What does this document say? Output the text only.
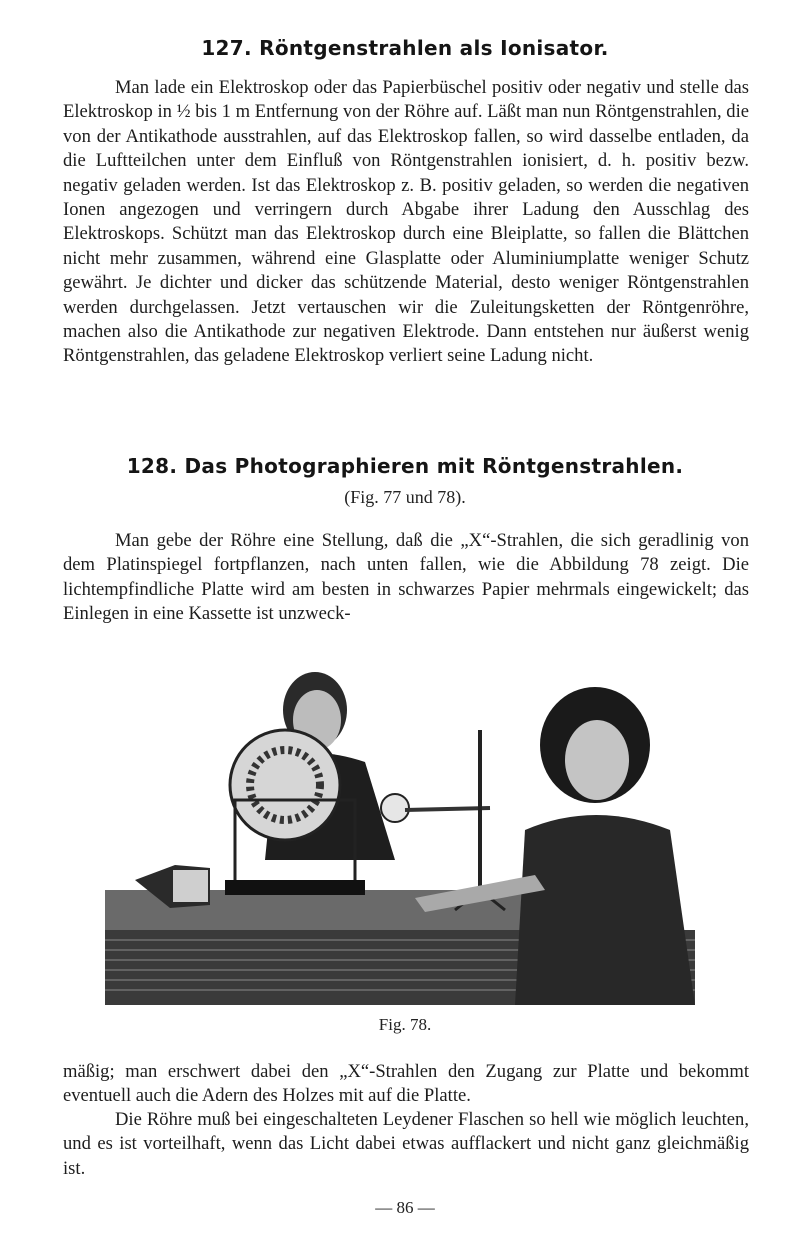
127. Röntgenstrahlen als Ionisator.

Man lade ein Elektroskop oder das Papierbüschel positiv oder negativ und stelle das Elektroskop in ½ bis 1 m Entfernung von der Röhre auf. Läßt man nun Röntgenstrahlen, die von der Antikathode ausstrahlen, auf das Elektroskop fallen, so wird dasselbe entladen, da die Luftteilchen unter dem Einfluß von Röntgenstrahlen ionisiert, d. h. positiv bezw. negativ geladen werden. Ist das Elektroskop z. B. positiv geladen, so werden die negativen Ionen angezogen und verringern durch Abgabe ihrer Ladung den Ausschlag des Elektroskops. Schützt man das Elektroskop durch eine Bleiplatte, so fallen die Blättchen nicht mehr zusammen, während eine Glasplatte oder Aluminiumplatte weniger Schutz gewährt. Je dichter und dicker das schützende Material, desto weniger Röntgenstrahlen werden durchgelassen. Jetzt vertauschen wir die Zuleitungsketten der Röntgenröhre, machen also die Antikathode zur negativen Elektrode. Dann entstehen nur äußerst wenig Röntgenstrahlen, das geladene Elektroskop verliert seine Ladung nicht.

128. Das Photographieren mit Röntgenstrahlen.
(Fig. 77 und 78).

Man gebe der Röhre eine Stellung, daß die „X“-Strahlen, die sich geradlinig von dem Platinspiegel fortpflanzen, nach unten fallen, wie die Abbildung 78 zeigt. Die lichtempfindliche Platte wird am besten in schwarzes Papier mehrmals eingewickelt; das Einlegen in eine Kassette ist unzweck-

Fig. 78.

mäßig; man erschwert dabei den „X“-Strahlen den Zugang zur Platte und bekommt eventuell auch die Adern des Holzes mit auf die Platte.

Die Röhre muß bei eingeschalteten Leydener Flaschen so hell wie möglich leuchten, und es ist vorteilhaft, wenn das Licht dabei etwas aufflackert und nicht ganz gleichmäßig ist.

— 86 —
